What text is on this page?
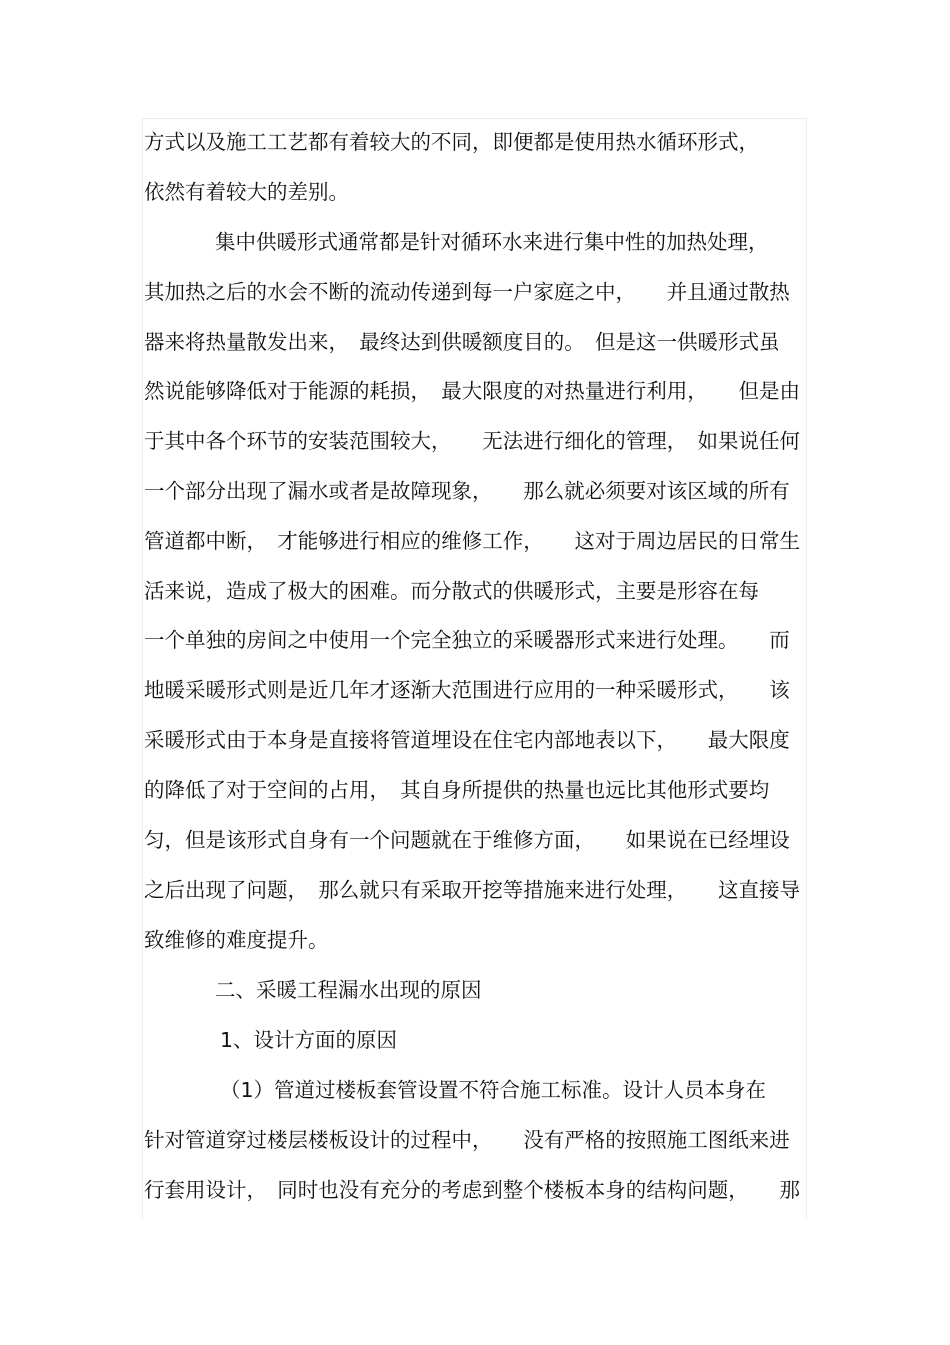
方式以及施工工艺都有着较大的不同，即便都是使用热水循环形式，
依然有着较大的差别。
集中供暖形式通常都是针对循环水来进行集中性的加热处理，
其加热之后的水会不断的流动传递到每一户家庭之中，　　并且通过散热
器来将热量散发出来，　最终达到供暖额度目的。　但是这一供暖形式虽
然说能够降低对于能源的耗损，　最大限度的对热量进行利用，　　但是由
于其中各个环节的安装范围较大，　　无法进行细化的管理，　如果说任何
一个部分出现了漏水或者是故障现象，　　那么就必须要对该区域的所有
管道都中断，　才能够进行相应的维修工作，　　这对于周边居民的日常生
活来说，造成了极大的困难。而分散式的供暖形式，主要是形容在每
一个单独的房间之中使用一个完全独立的采暖器形式来进行处理。　　而
地暖采暖形式则是近几年才逐渐大范围进行应用的一种采暖形式，　　该
采暖形式由于本身是直接将管道埋设在住宅内部地表以下，　　最大限度
的降低了对于空间的占用，　其自身所提供的热量也远比其他形式要均
匀，但是该形式自身有一个问题就在于维修方面，　　如果说在已经埋设
之后出现了问题，　那么就只有采取开挖等措施来进行处理，　　这直接导
致维修的难度提升。
二、采暖工程漏水出现的原因
1、设计方面的原因
（1）管道过楼板套管设置不符合施工标准。设计人员本身在
针对管道穿过楼层楼板设计的过程中，　　没有严格的按照施工图纸来进
行套用设计，　同时也没有充分的考虑到整个楼板本身的结构问题，　　那
